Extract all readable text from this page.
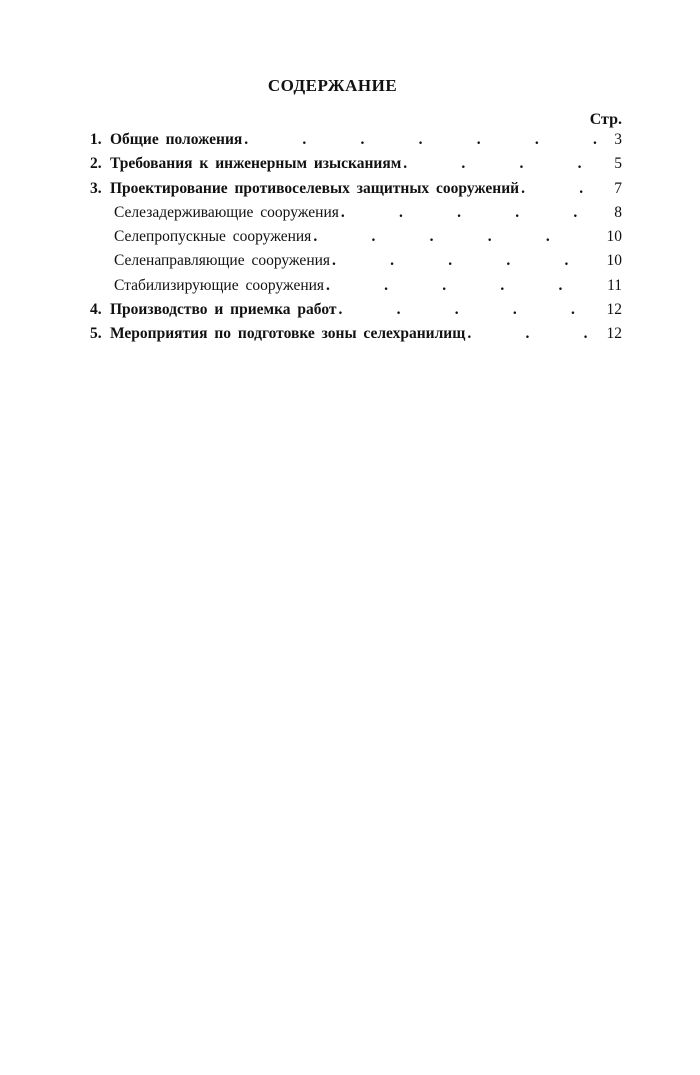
СОДЕРЖАНИЕ
Стр.
1. Общие положения .	3
2. Требования к инженерным изысканиям .	5
3. Проектирование противоселевых защитных сооружений .	7
Селезадерживающие сооружения .	8
Селепропускные сооружения .	10
Селенаправляющие сооружения .	10
Стабилизирующие сооружения .	11
4. Производство и приемка работ .	12
5. Мероприятия по подготовке зоны селехранилищ .	12
